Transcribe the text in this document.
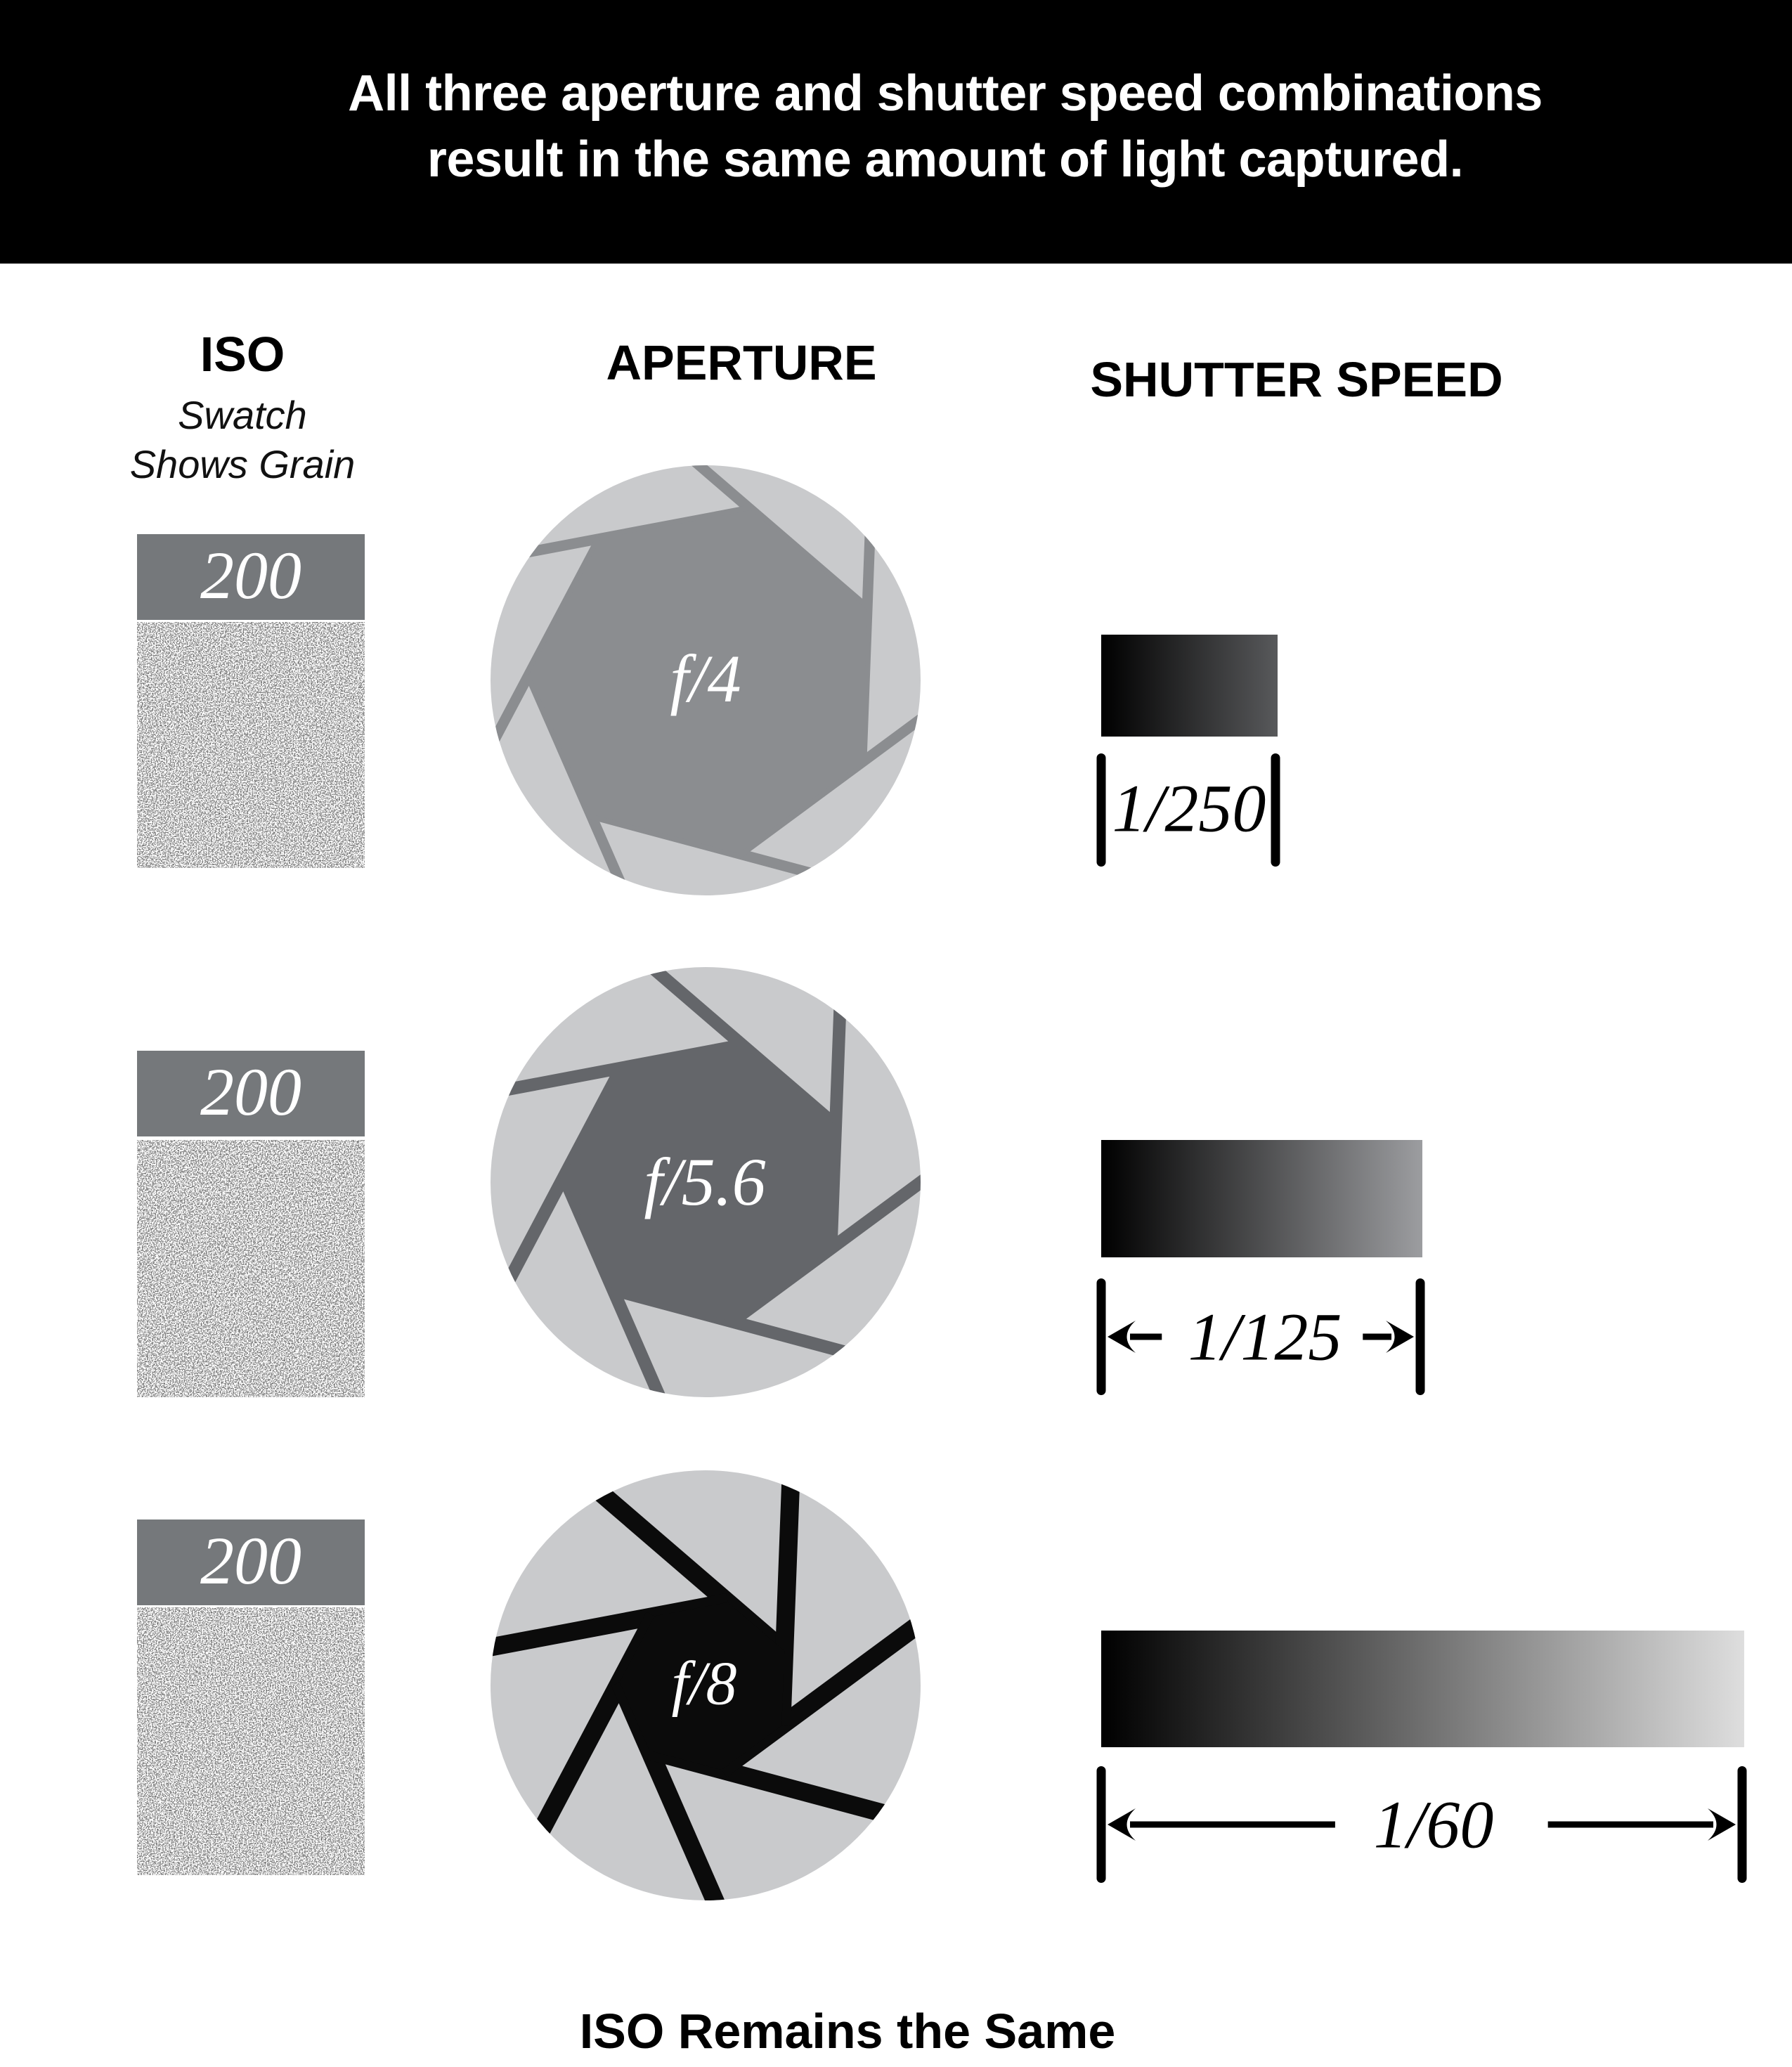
All three aperture and shutter speed combinations
result in the same amount of light captured.
ISO
Swatch
Shows Grain
APERTURE	SHUTTER SPEED
200
f/4
1/250
200
f/5.6
1/125
200
f/8
1/60
ISO Remains the Same
